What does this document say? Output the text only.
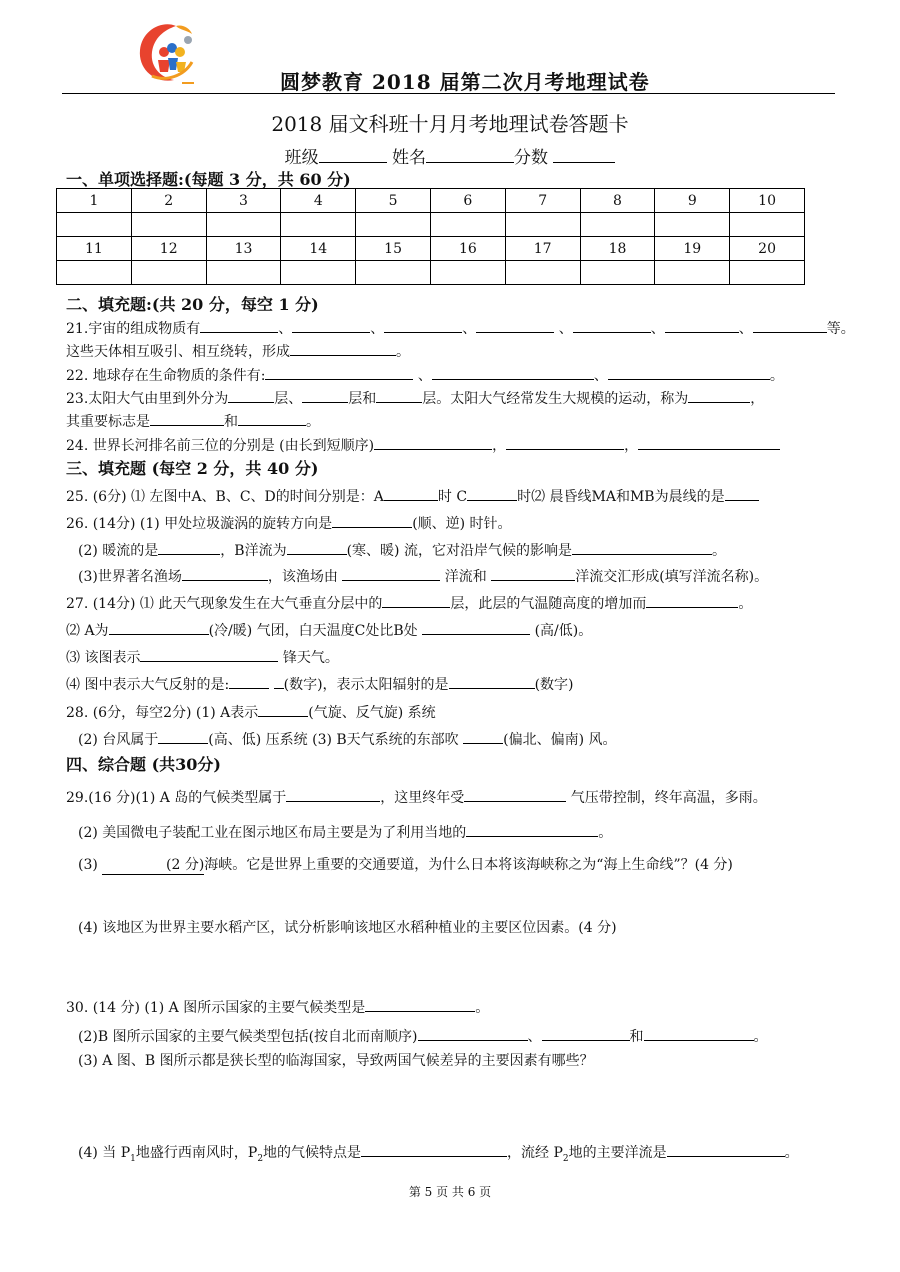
圆梦教育 2018 届第二次月考地理试卷
2018 届文科班十月月考地理试卷答题卡
班级	姓名	分数
一、单项选择题:(每题 3 分，共 60 分)
1	2	3	4	5	6	7	8	9	10

11	12	13	14	15	16	17	18	19	20

二、填充题:(共 20 分，每空 1 分)
21.宇宙的组成物质有	、	、	、	、	、	、	等。
这些天体相互吸引、相互绕转，形成	。
22. 地球存在生命物质的条件有:	、	、	。
23.太阳大气由里到外分为	层、	层和	层。太阳大气经常发生大规模的运动，称为	，
其重要标志是	和	。
24. 世界长河排名前三位的分别是 (由长到短顺序)	，	，
三、填充题 (每空 2 分，共 40 分)
25. (6分) ⑴ 左图中A、B、C、D的时间分别是：A	时 C	时⑵ 晨昏线MA和MB为晨线的是
26. (14分) (1) 甲处垃圾漩涡的旋转方向是	(顺、逆) 时针。
(2) 暖流的是	，B洋流为	(寒、暖) 流，它对沿岸气候的影响是	。
(3)世界著名渔场	，该渔场由	洋流和	洋流交汇形成(填写洋流名称)。
27. (14分) ⑴ 此天气现象发生在大气垂直分层中的	层，此层的气温随高度的增加而	。
⑵ A为	(冷/暖) 气团，白天温度C处比B处	(高/低)。
⑶ 该图表示	锋天气。
⑷ 图中表示大气反射的是:	(数字)，表示太阳辐射的是	(数字)
28. (6分，每空2分) (1) A表示	(气旋、反气旋) 系统
(2) 台风属于	(高、低) 压系统 (3) B天气系统的东部吹	(偏北、偏南) 风。
四、综合题 (共30分)
29.(16 分)(1) A 岛的气候类型属于	，这里终年受	气压带控制，终年高温，多雨。
(2) 美国微电子装配工业在图示地区布局主要是为了利用当地的	。
(3)	(2 分)海峡。它是世界上重要的交通要道，为什么日本将该海峡称之为“海上生命线”？(4 分)
(4) 该地区为世界主要水稻产区，试分析影响该地区水稻种植业的主要区位因素。(4 分)
30. (14 分) (1) A 图所示国家的主要气候类型是	。
(2)B 图所示国家的主要气候类型包括(按自北而南顺序)	、	和	。
(3) A 图、B 图所示都是狭长型的临海国家，导致两国气候差异的主要因素有哪些？
(4) 当 $P_1$地盛行西南风时，$P_2$地的气候特点是	，流经 $P_2$地的主要洋流是	。
第 5 页 共 6 页
